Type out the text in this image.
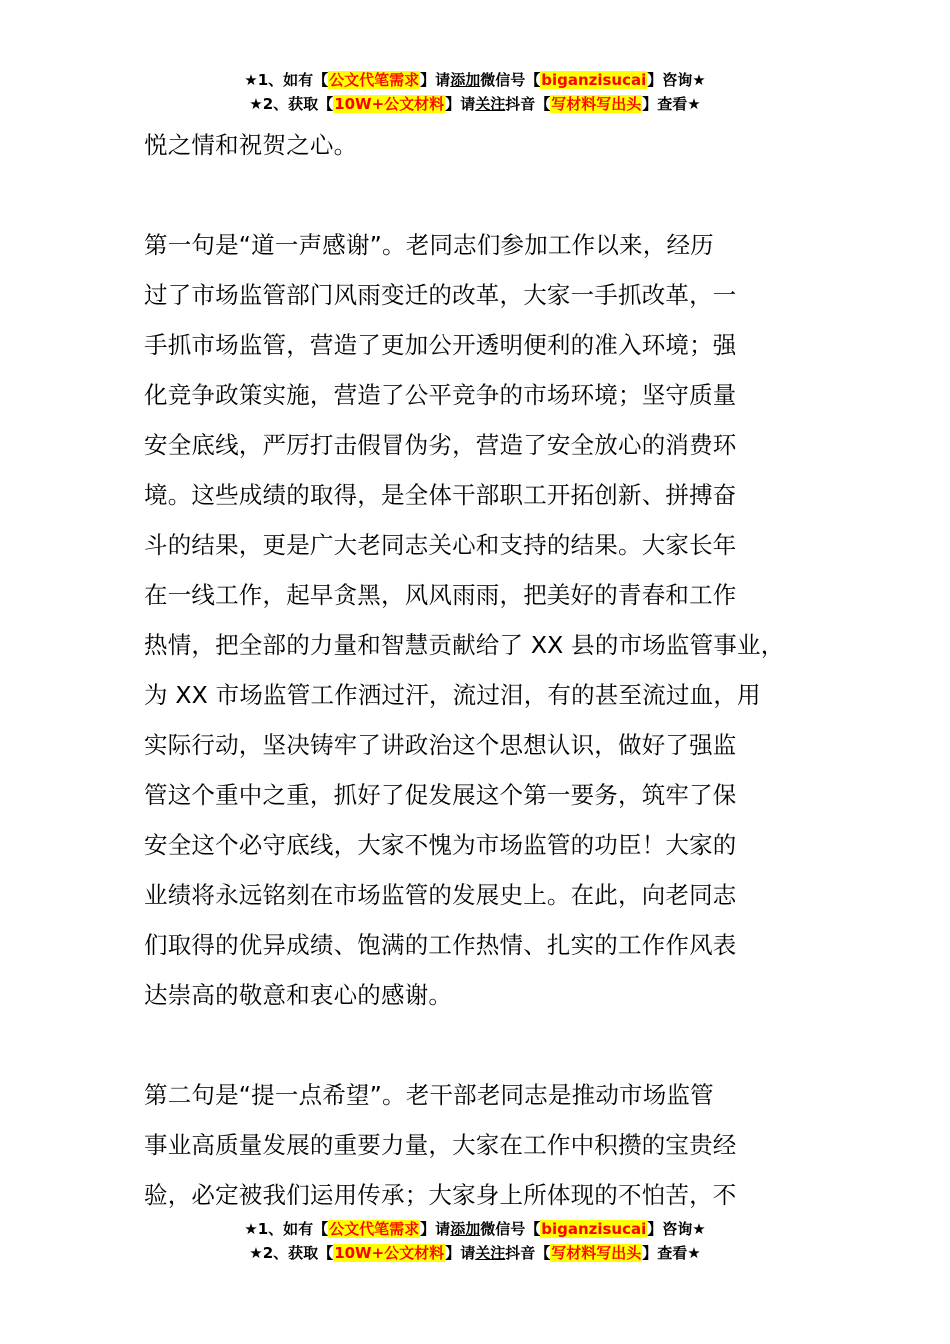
★1、如有【公文代笔需求】请添加微信号【biganzisucai】咨询★
★2、获取【10W+公文材料】请关注抖音【写材料写出头】查看★
悦之情和祝贺之心。
第一句是“道一声感谢”。老同志们参加工作以来，经历
过了市场监管部门风雨变迁的改革，大家一手抓改革，一
手抓市场监管，营造了更加公开透明便利的准入环境；强
化竞争政策实施，营造了公平竞争的市场环境；坚守质量
安全底线，严厉打击假冒伪劣，营造了安全放心的消费环
境。这些成绩的取得，是全体干部职工开拓创新、拼搏奋
斗的结果，更是广大老同志关心和支持的结果。大家长年
在一线工作，起早贪黑，风风雨雨，把美好的青春和工作
热情，把全部的力量和智慧贡献给了 XX 县的市场监管事业，
为 XX 市场监管工作洒过汗，流过泪，有的甚至流过血，用
实际行动，坚决铸牢了讲政治这个思想认识，做好了强监
管这个重中之重，抓好了促发展这个第一要务，筑牢了保
安全这个必守底线，大家不愧为市场监管的功臣！大家的
业绩将永远铭刻在市场监管的发展史上。在此，向老同志
们取得的优异成绩、饱满的工作热情、扎实的工作作风表
达崇高的敬意和衷心的感谢。
第二句是“提一点希望”。老干部老同志是推动市场监管
事业高质量发展的重要力量，大家在工作中积攒的宝贵经
验，必定被我们运用传承；大家身上所体现的不怕苦，不
★1、如有【公文代笔需求】请添加微信号【biganzisucai】咨询★
★2、获取【10W+公文材料】请关注抖音【写材料写出头】查看★
